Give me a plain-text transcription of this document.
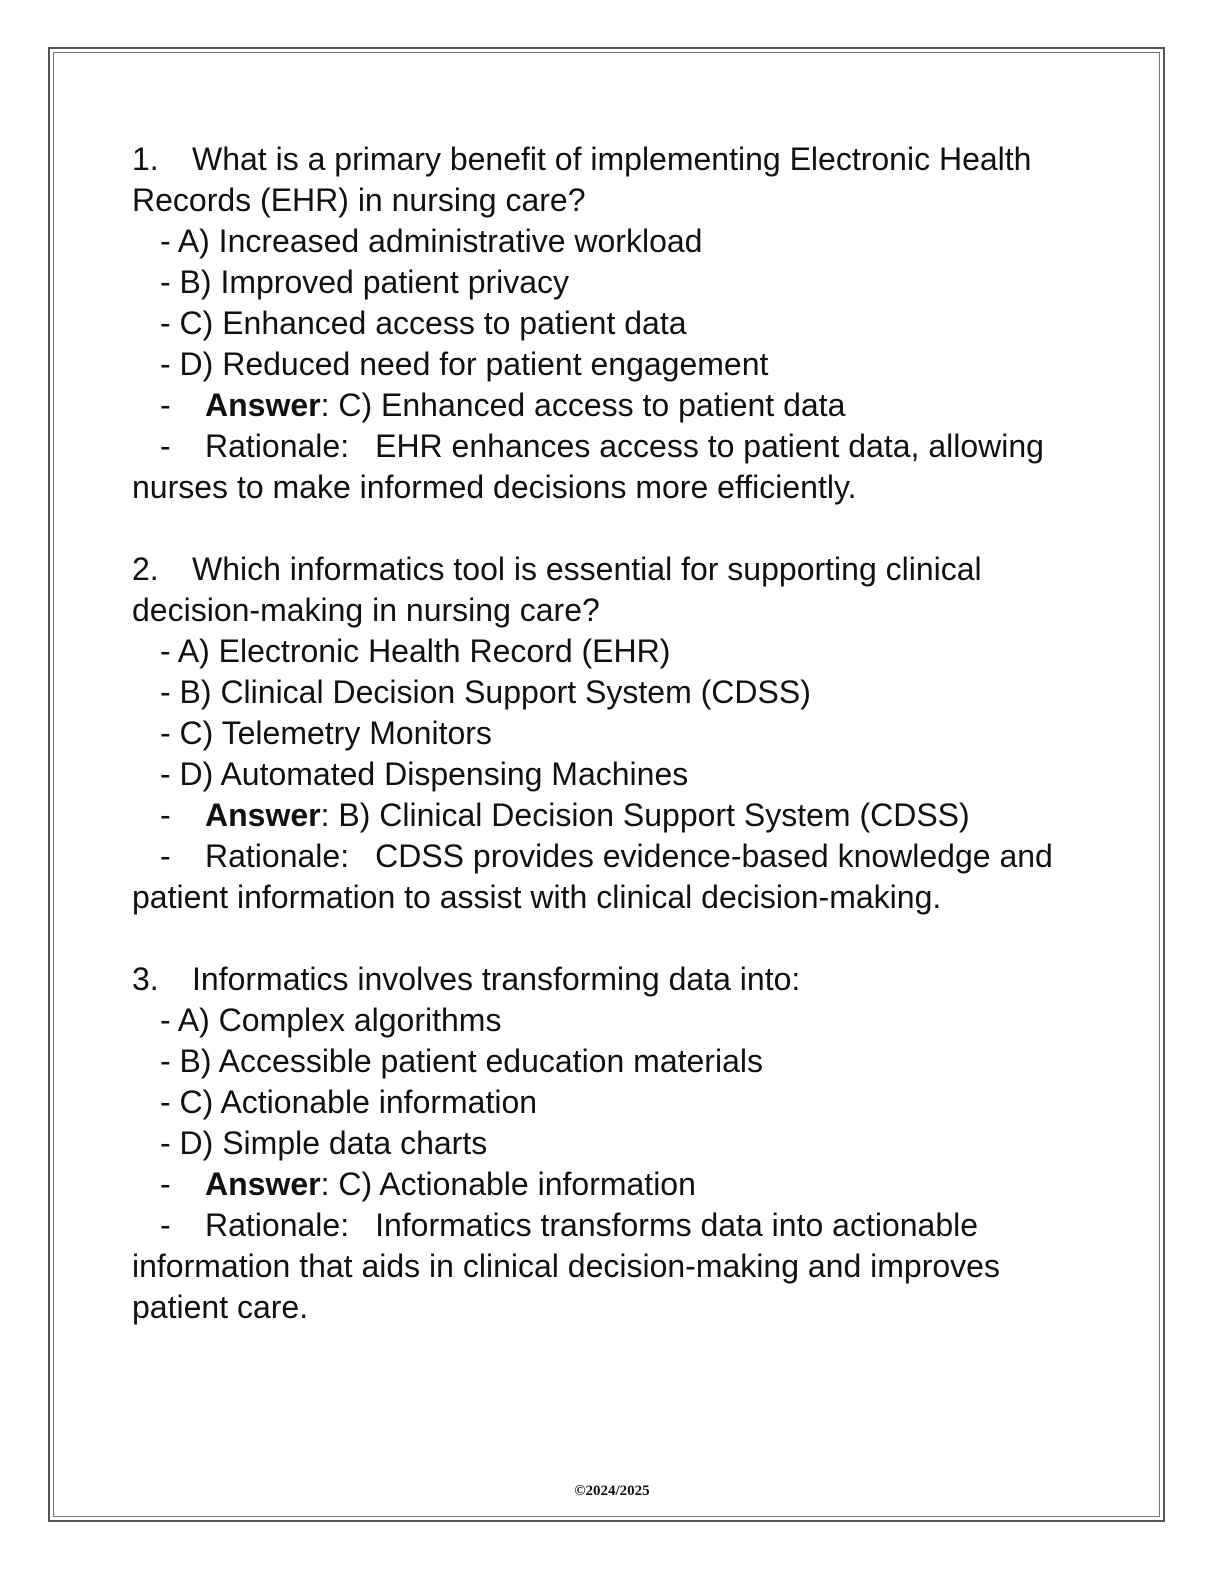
1. What is a primary benefit of implementing Electronic Health Records (EHR) in nursing care?
- A) Increased administrative workload
- B) Improved patient privacy
- C) Enhanced access to patient data
- D) Reduced need for patient engagement
- Answer: C) Enhanced access to patient data
- Rationale: EHR enhances access to patient data, allowing nurses to make informed decisions more efficiently.
2. Which informatics tool is essential for supporting clinical decision-making in nursing care?
- A) Electronic Health Record (EHR)
- B) Clinical Decision Support System (CDSS)
- C) Telemetry Monitors
- D) Automated Dispensing Machines
- Answer: B) Clinical Decision Support System (CDSS)
- Rationale: CDSS provides evidence-based knowledge and patient information to assist with clinical decision-making.
3. Informatics involves transforming data into:
- A) Complex algorithms
- B) Accessible patient education materials
- C) Actionable information
- D) Simple data charts
- Answer: C) Actionable information
- Rationale: Informatics transforms data into actionable information that aids in clinical decision-making and improves patient care.
©2024/2025
